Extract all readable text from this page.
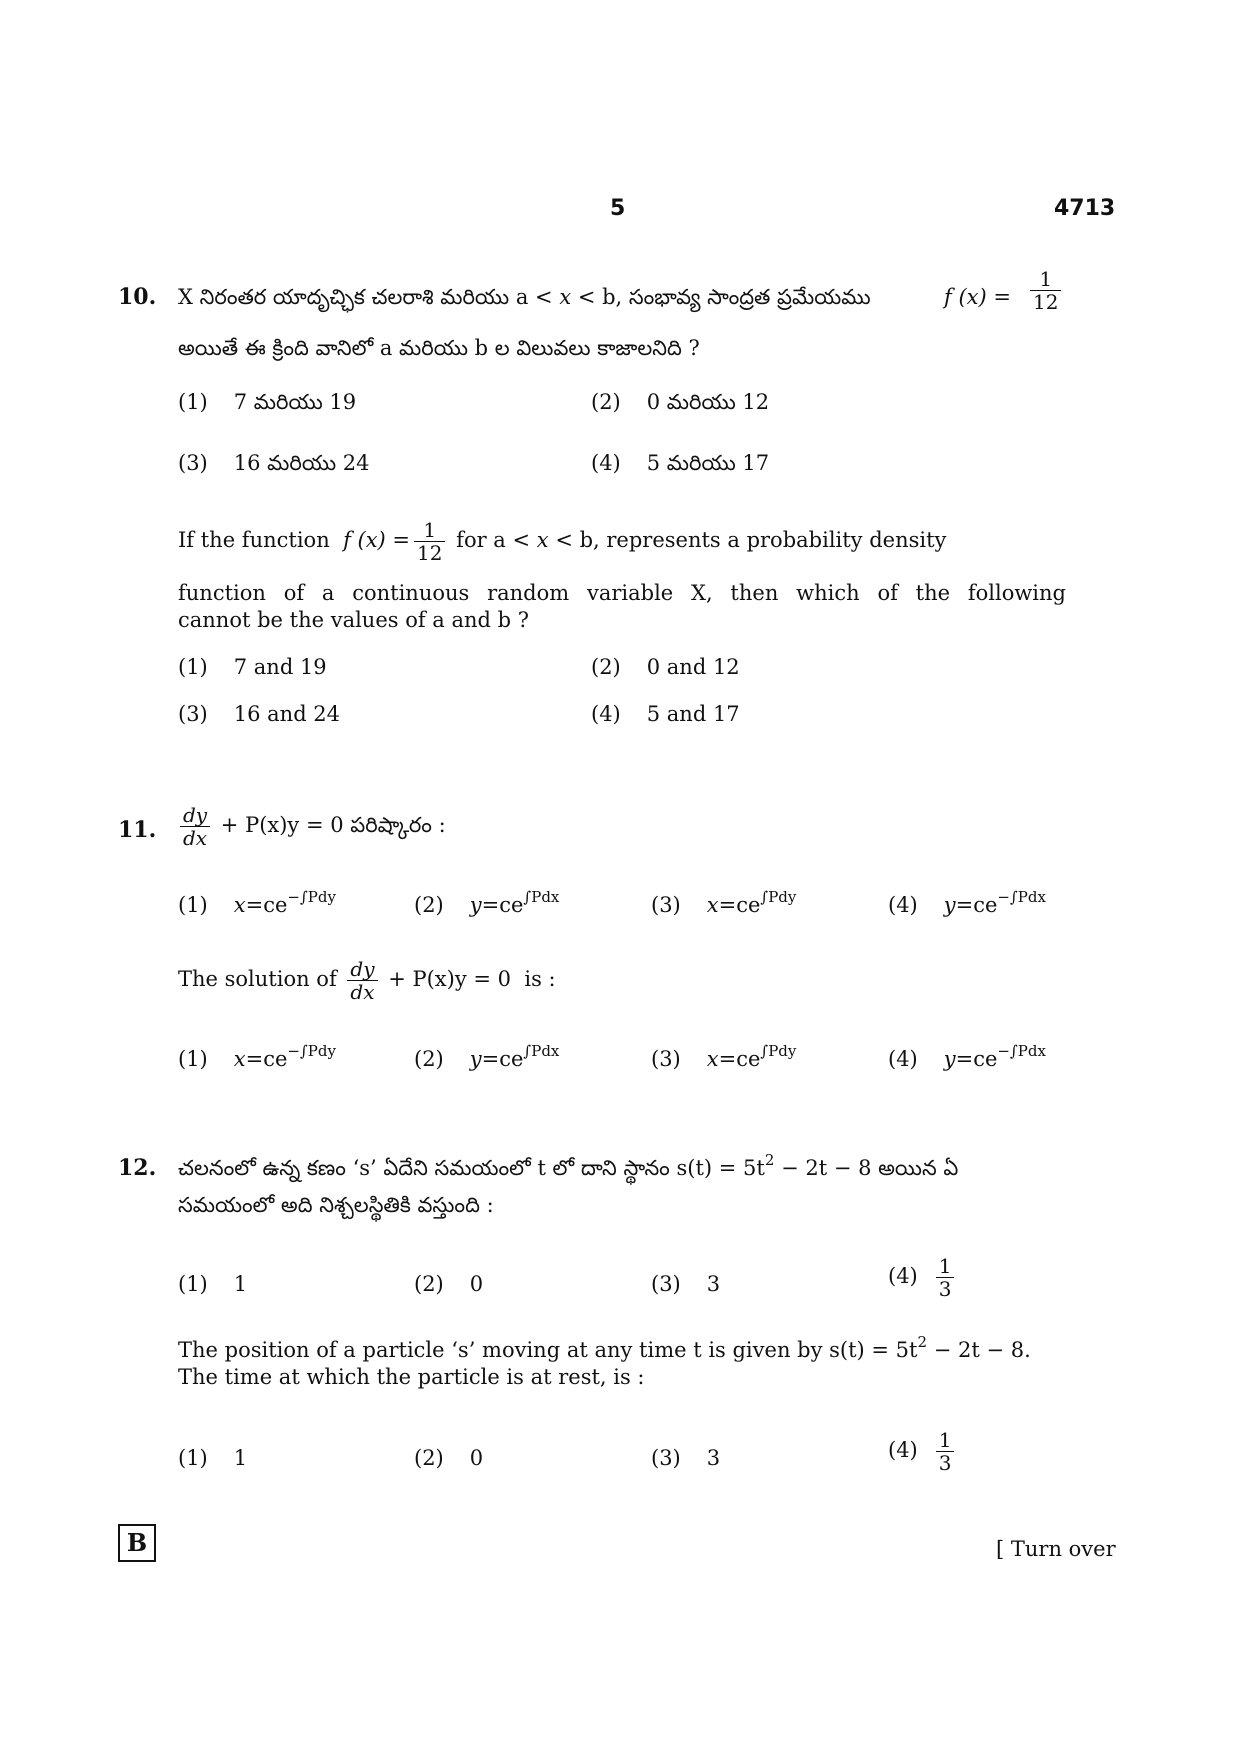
5	4713
10. X నిరంతర యాదృచ్ఛిక చలరాశి మరియు a < x < b, సంభావ్య సాంద్రత ప్రమేయము	f $(x) = \frac{1}{12}$
అయితే ఈ క్రింది వానిలో a మరియు b ల విలువలు కాజాలనిది ?
(1) 7 మరియు 19	(2) 0 మరియు 12
(3) 16 మరియు 24	(4) 5 మరియు 17
If the function f $(x) = \frac{1}{12}$ for a < x < b, represents a probability density
function of a continuous random variable X, then which of the following
cannot be the values of a and b ?
(1) 7 and 19	(2) 0 and 12
(3) 16 and 24	(4) 5 and 17
11. $\frac{dy}{dx} + P(x)y = 0$ పరిష్కారం :
(1) $x=ce^{-\int Pdy}$	(2) $y=ce^{\int Pdx}$	(3) $x=ce^{\int Pdy}$	(4) $y=ce^{-\int Pdx}$
The solution of $\frac{dy}{dx} + P(x)y = 0$ is :
(1) $x=ce^{-\int Pdy}$	(2) $y=ce^{\int Pdx}$	(3) $x=ce^{\int Pdy}$	(4) $y=ce^{-\int Pdx}$
12. చలనంలో ఉన్న కణం ‘s’ ఏదేని సమయంలో t లో దాని స్థానం $s(t) = 5t^2 - 2t - 8$ అయిన ఏ
సమయంలో అది నిశ్చలస్థితికి వస్తుంది :
(1) 1	(2) 0	(3) 3	$(4) \frac{1}{3}$
The position of a particle ‘s’ moving at any time t is given by $s(t) = 5t^2 - 2t - 8$.
The time at which the particle is at rest, is :
(1) 1	(2) 0	(3) 3	$(4) \frac{1}{3}$
B	[ Turn over
